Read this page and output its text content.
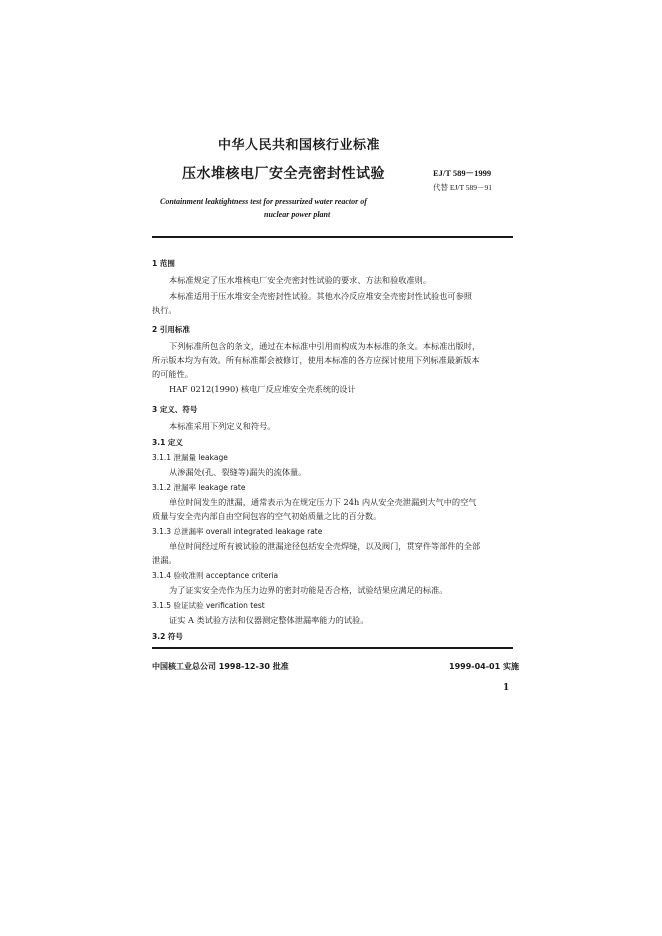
中华人民共和国核行业标准
压水堆核电厂安全壳密封性试验	EJ/T 589－1999
代替 EJ/T 589－91
Containment leaktightness test for pressurized water reactor of
nuclear power plant
1 范围
本标准规定了压水堆核电厂安全壳密封性试验的要求、方法和验收准则。
本标准适用于压水堆安全壳密封性试验。其他水冷反应堆安全壳密封性试验也可参照
执行。
2 引用标准
下列标准所包含的条文，通过在本标准中引用而构成为本标准的条文。本标准出版时，
所示版本均为有效。所有标准都会被修订，使用本标准的各方应探讨使用下列标准最新版本
的可能性。
HAF 0212(1990) 核电厂反应堆安全壳系统的设计
3 定义、符号
本标准采用下列定义和符号。
3.1 定义
3.1.1 泄漏量 leakage
从渗漏处(孔、裂缝等)漏失的流体量。
3.1.2 泄漏率 leakage rate
单位时间发生的泄漏，通常表示为在规定压力下 24h 内从安全壳泄漏到大气中的空气
质量与安全壳内部自由空间包容的空气初始质量之比的百分数。
3.1.3 总泄漏率 overall integrated leakage rate
单位时间经过所有被试验的泄漏途径包括安全壳焊缝，以及阀门，贯穿件等部件的全部
泄漏。
3.1.4 验收准则 acceptance criteria
为了证实安全壳作为压力边界的密封功能是否合格，试验结果应满足的标准。
3.1.5 验证试验 verification test
证实 A 类试验方法和仪器测定整体泄漏率能力的试验。
3.2 符号
中国核工业总公司 1998-12-30 批准	1999-04-01 实施
1
